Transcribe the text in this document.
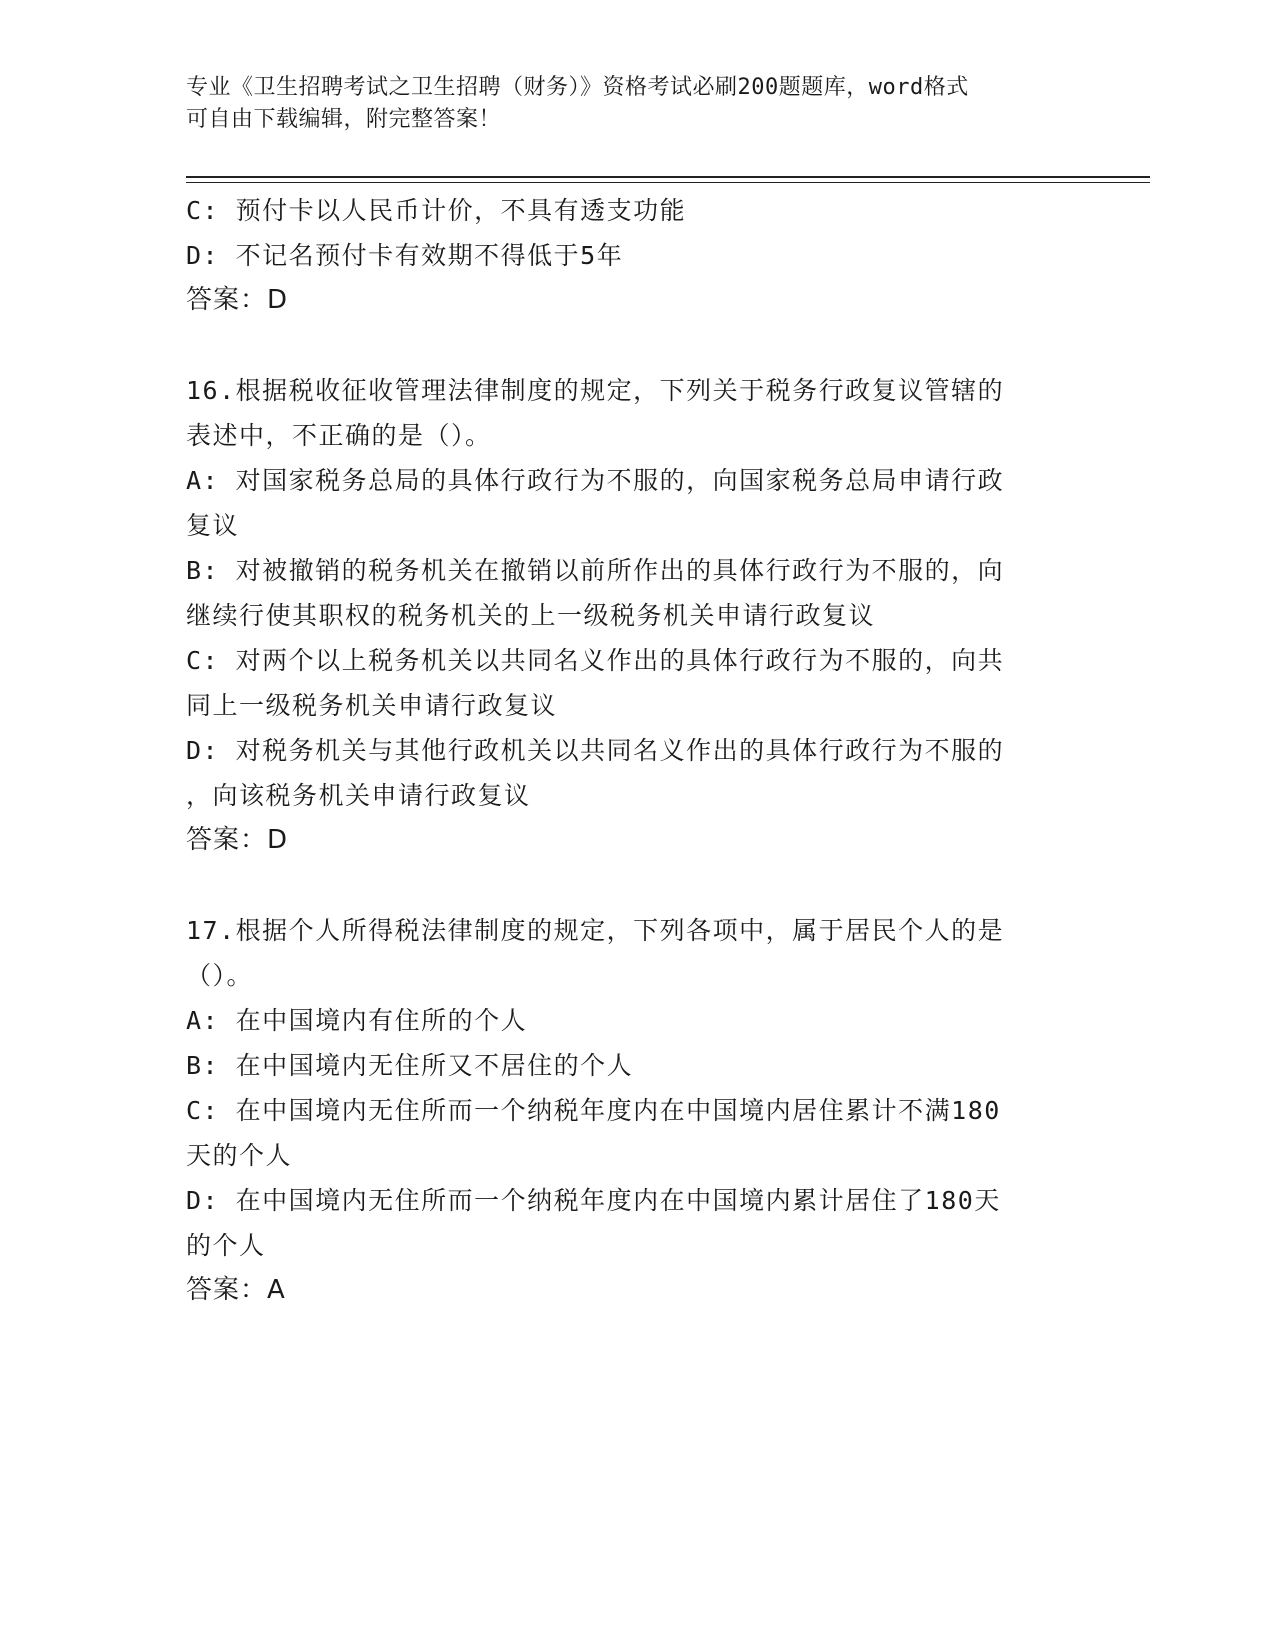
专业《卫生招聘考试之卫生招聘（财务）》资格考试必刷200题题库，word格式
可自由下载编辑，附完整答案！
C: 预付卡以人民币计价，不具有透支功能
D: 不记名预付卡有效期不得低于5年
答案：D
16.根据税收征收管理法律制度的规定，下列关于税务行政复议管辖的
表述中，不正确的是（）。
A: 对国家税务总局的具体行政行为不服的，向国家税务总局申请行政
复议
B: 对被撤销的税务机关在撤销以前所作出的具体行政行为不服的，向
继续行使其职权的税务机关的上一级税务机关申请行政复议
C: 对两个以上税务机关以共同名义作出的具体行政行为不服的，向共
同上一级税务机关申请行政复议
D: 对税务机关与其他行政机关以共同名义作出的具体行政行为不服的
，向该税务机关申请行政复议
答案：D
17.根据个人所得税法律制度的规定，下列各项中，属于居民个人的是
（）。
A: 在中国境内有住所的个人
B: 在中国境内无住所又不居住的个人
C: 在中国境内无住所而一个纳税年度内在中国境内居住累计不满180
天的个人
D: 在中国境内无住所而一个纳税年度内在中国境内累计居住了180天
的个人
答案：A
